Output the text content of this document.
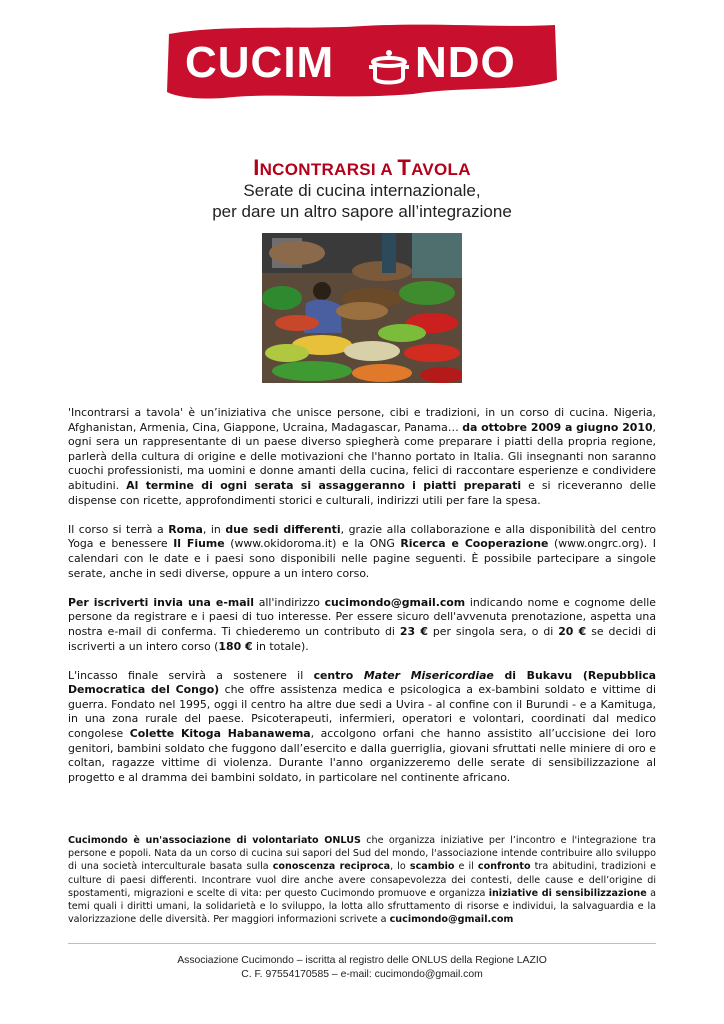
CUCIM NDO

INCONTRARSI A TAVOLA

Serate di cucina internazionale,

per dare un altro sapore all’integrazione

'Incontrarsi a tavola' è un’iniziativa che unisce persone, cibi e tradizioni, in un corso di cucina. Nigeria, Afghanistan, Armenia, Cina, Giappone, Ucraina, Madagascar, Panama… da ottobre 2009 a giugno 2010, ogni sera un rappresentante di un paese diverso spiegherà come preparare i piatti della propria regione, parlerà della cultura di origine e delle motivazioni che l'hanno portato in Italia. Gli insegnanti non saranno cuochi professionisti, ma uomini e donne amanti della cucina, felici di raccontare esperienze e condividere abitudini. Al termine di ogni serata si assaggeranno i piatti preparati e si riceveranno delle dispense con ricette, approfondimenti storici e culturali, indirizzi utili per fare la spesa.

Il corso si terrà a Roma, in due sedi differenti, grazie alla collaborazione e alla disponibilità del centro Yoga e benessere Il Fiume (www.okidoroma.it) e la ONG Ricerca e Cooperazione (www.ongrc.org). I calendari con le date e i paesi sono disponibili nelle pagine seguenti. È possibile partecipare a singole serate, anche in sedi diverse, oppure a un intero corso.

Per iscriverti invia una e-mail all'indirizzo cucimondo@gmail.com indicando nome e cognome delle persone da registrare e i paesi di tuo interesse. Per essere sicuro dell'avvenuta prenotazione, aspetta una nostra e-mail di conferma. Ti chiederemo un contributo di 23 € per singola sera, o di 20 € se decidi di iscriverti a un intero corso (180 € in totale).

L'incasso finale servirà a sostenere il centro Mater Misericordiae di Bukavu (Repubblica Democratica del Congo) che offre assistenza medica e psicologica a ex-bambini soldato e vittime di guerra. Fondato nel 1995, oggi il centro ha altre due sedi a Uvira - al confine con il Burundi - e a Kamituga, in una zona rurale del paese. Psicoterapeuti, infermieri, operatori e volontari, coordinati dal medico congolese Colette Kitoga Habanawema, accolgono orfani che hanno assistito all’uccisione dei loro genitori, bambini soldato che fuggono dall’esercito e dalla guerriglia, giovani sfruttati nelle miniere di oro e coltan, ragazze vittime di violenza. Durante l'anno organizzeremo delle serate di sensibilizzazione al progetto e al dramma dei bambini soldato, in particolare nel continente africano.

Cucimondo è un'associazione di volontariato ONLUS che organizza iniziative per l’incontro e l'integrazione tra persone e popoli. Nata da un corso di cucina sui sapori del Sud del mondo, l'associazione intende contribuire allo sviluppo di una società interculturale basata sulla conoscenza reciproca, lo scambio e il confronto tra abitudini, tradizioni e culture di paesi differenti. Incontrare vuol dire anche avere consapevolezza dei contesti, delle cause e dell’origine di spostamenti, migrazioni e scelte di vita: per questo Cucimondo promuove e organizza iniziative di sensibilizzazione a temi quali i diritti umani, la solidarietà e lo sviluppo, la lotta allo sfruttamento di risorse e individui, la salvaguardia e la valorizzazione delle diversità. Per maggiori informazioni scrivete a cucimondo@gmail.com

Associazione Cucimondo – iscritta al registro delle ONLUS della Regione LAZIO
C. F. 97554170585 – e-mail: cucimondo@gmail.com
